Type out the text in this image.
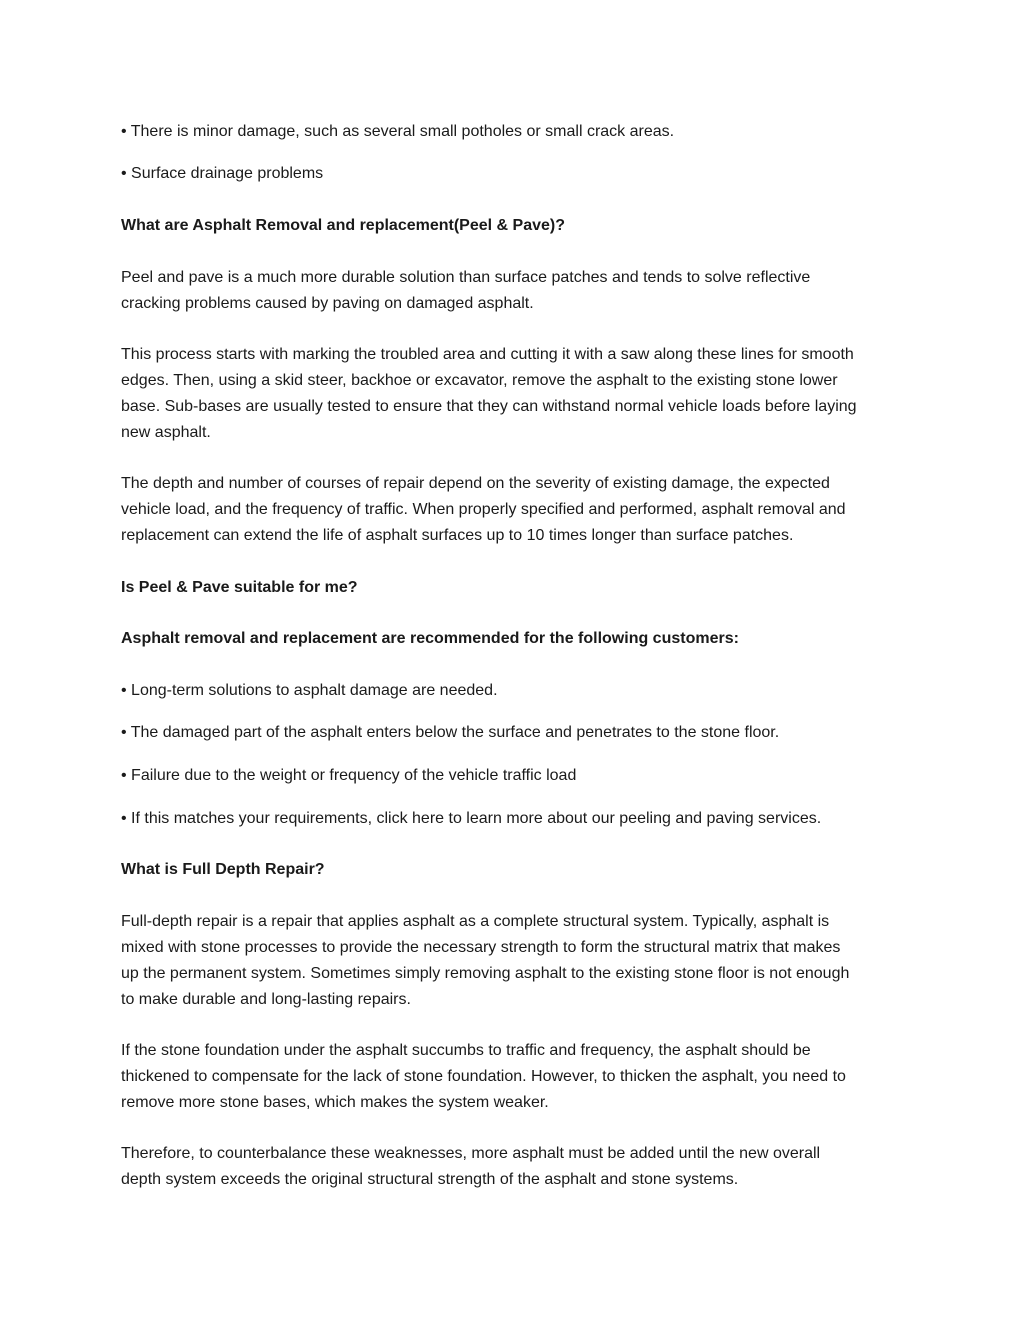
• There is minor damage, such as several small potholes or small crack areas.
• Surface drainage problems
What are Asphalt Removal and replacement(Peel & Pave)?
Peel and pave is a much more durable solution than surface patches and tends to solve reflective
cracking problems caused by paving on damaged asphalt.
This process starts with marking the troubled area and cutting it with a saw along these lines for smooth
edges. Then, using a skid steer, backhoe or excavator, remove the asphalt to the existing stone lower
base. Sub-bases are usually tested to ensure that they can withstand normal vehicle loads before laying
new asphalt.
The depth and number of courses of repair depend on the severity of existing damage, the expected
vehicle load, and the frequency of traffic. When properly specified and performed, asphalt removal and
replacement can extend the life of asphalt surfaces up to 10 times longer than surface patches.
Is Peel & Pave suitable for me?
Asphalt removal and replacement are recommended for the following customers:
• Long-term solutions to asphalt damage are needed.
• The damaged part of the asphalt enters below the surface and penetrates to the stone floor.
• Failure due to the weight or frequency of the vehicle traffic load
• If this matches your requirements, click here to learn more about our peeling and paving services.
What is Full Depth Repair?
Full-depth repair is a repair that applies asphalt as a complete structural system. Typically, asphalt is
mixed with stone processes to provide the necessary strength to form the structural matrix that makes
up the permanent system. Sometimes simply removing asphalt to the existing stone floor is not enough
to make durable and long-lasting repairs.
If the stone foundation under the asphalt succumbs to traffic and frequency, the asphalt should be
thickened to compensate for the lack of stone foundation. However, to thicken the asphalt, you need to
remove more stone bases, which makes the system weaker.
Therefore, to counterbalance these weaknesses, more asphalt must be added until the new overall
depth system exceeds the original structural strength of the asphalt and stone systems.
